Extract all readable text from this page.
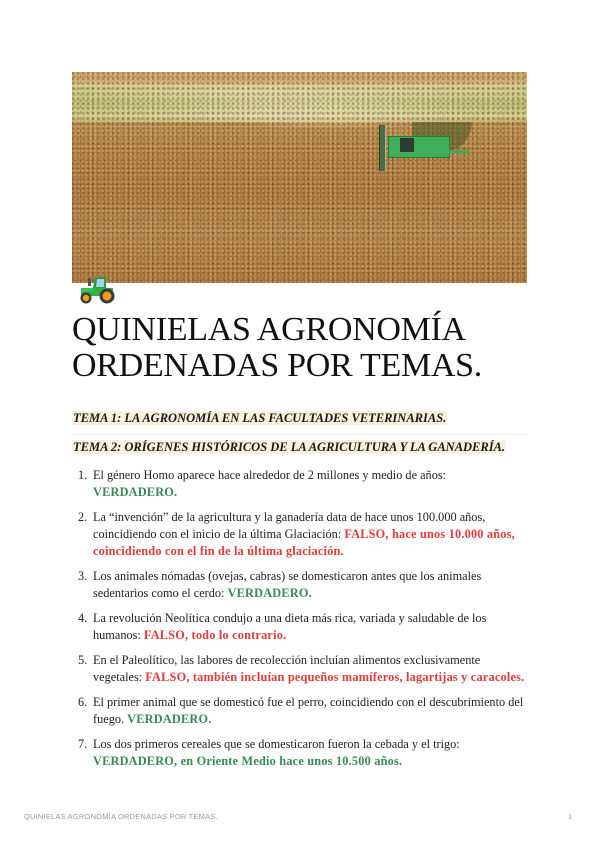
QUINIELAS AGRONOMÍA ORDENADAS POR TEMAS.
TEMA 1: LA AGRONOMÍA EN LAS FACULTADES VETERINARIAS.
TEMA 2: ORÍGENES HISTÓRICOS DE LA AGRICULTURA Y LA GANADERÍA.
1. El género Homo aparece hace alrededor de 2 millones y medio de años: VERDADERO.
2. La “invención” de la agricultura y la ganadería data de hace unos 100.000 años, coincidiendo con el inicio de la última Glaciación: FALSO, hace unos 10.000 años, coincidiendo con el fin de la última glaciación.
3. Los animales nómadas (ovejas, cabras) se domesticaron antes que los animales sedentarios como el cerdo: VERDADERO.
4. La revolución Neolítica condujo a una dieta más rica, variada y saludable de los humanos: FALSO, todo lo contrario.
5. En el Paleolítico, las labores de recolección incluían alimentos exclusivamente vegetales: FALSO, también incluían pequeños mamíferos, lagartijas y caracoles.
6. El primer animal que se domesticó fue el perro, coincidiendo con el descubrimiento del fuego. VERDADERO.
7. Los dos primeros cereales que se domesticaron fueron la cebada y el trigo: VERDADERO, en Oriente Medio hace unos 10.500 años.
QUINIELAS AGRONOMÍA ORDENADAS POR TEMAS.	1
